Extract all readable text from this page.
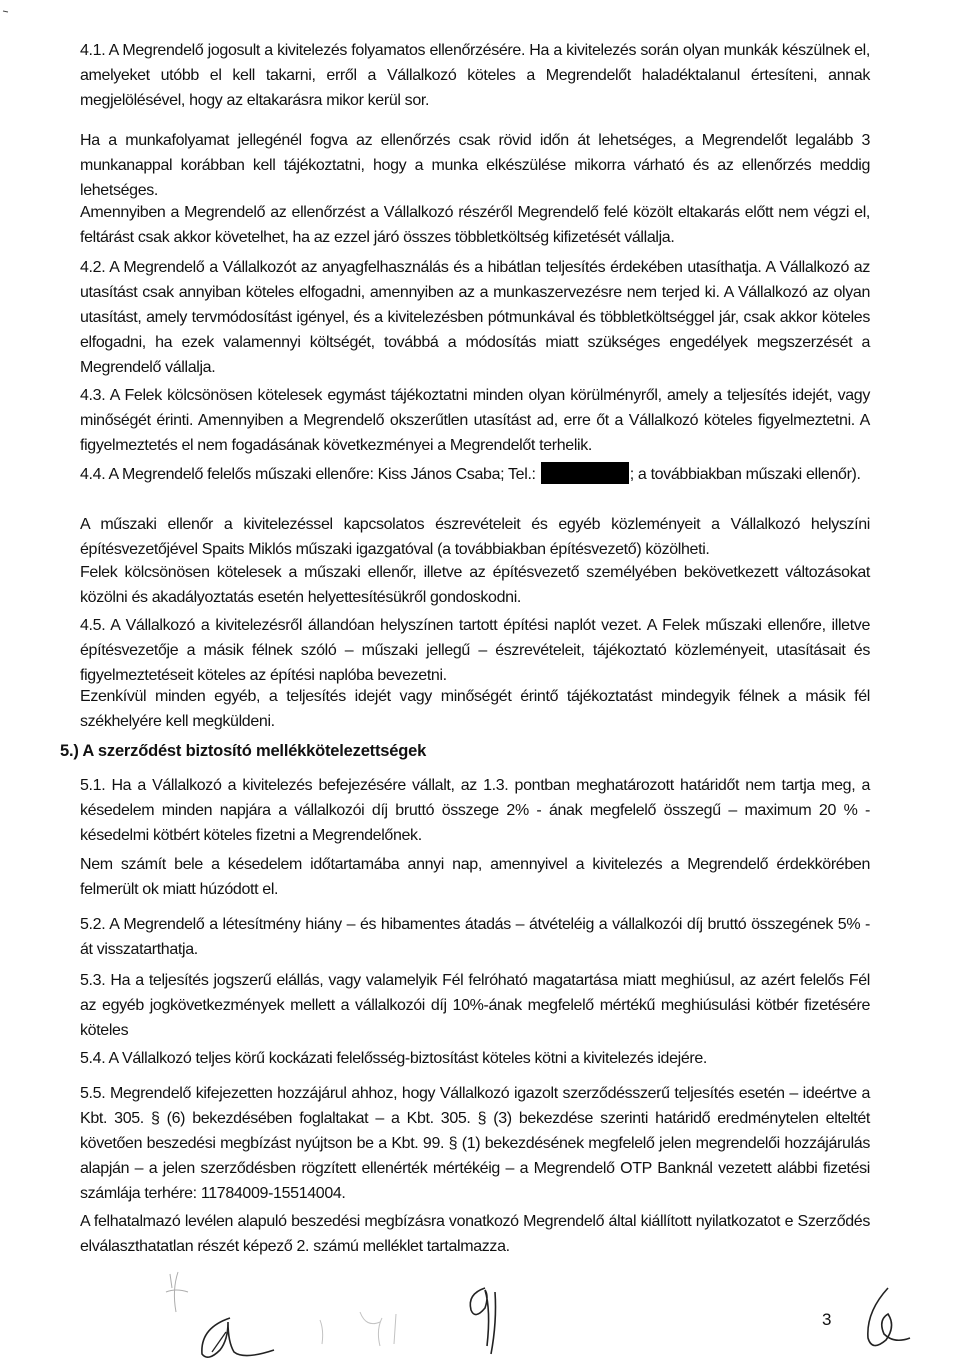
4.1. A Megrendelő jogosult a kivitelezés folyamatos ellenőrzésére. Ha a kivitelezés során olyan munkák készülnek el, amelyeket utóbb el kell takarni, erről a Vállalkozó köteles a Megrendelőt haladéktalanul értesíteni, annak megjelölésével, hogy az eltakarásra mikor kerül sor.

Ha a munkafolyamat jellegénél fogva az ellenőrzés csak rövid időn át lehetséges, a Megrendelőt legalább 3 munkanappal korábban kell tájékoztatni, hogy a munka elkészülése mikorra várható és az ellenőrzés meddig lehetséges.

Amennyiben a Megrendelő az ellenőrzést a Vállalkozó részéről Megrendelő felé közölt eltakarás előtt nem végzi el, feltárást csak akkor követelhet, ha az ezzel járó összes többletköltség kifizetését vállalja.

4.2. A Megrendelő a Vállalkozót az anyagfelhasználás és a hibátlan teljesítés érdekében utasíthatja. A Vállalkozó az utasítást csak annyiban köteles elfogadni, amennyiben az a munkaszervezésre nem terjed ki. A Vállalkozó az olyan utasítást, amely tervmódosítást igényel, és a kivitelezésben pótmunkával és többletköltséggel jár, csak akkor köteles elfogadni, ha ezek valamennyi költségét, továbbá a módosítás miatt szükséges engedélyek megszerzését a Megrendelő vállalja.

4.3. A Felek kölcsönösen kötelesek egymást tájékoztatni minden olyan körülményről, amely a teljesítés idejét, vagy minőségét érinti. Amennyiben a Megrendelő okszerűtlen utasítást ad, erre őt a Vállalkozó köteles figyelmeztetni. A figyelmeztetés el nem fogadásának következményei a Megrendelőt terhelik.

4.4. A Megrendelő felelős műszaki ellenőre: Kiss János Csaba; Tel.:	; a továbbiakban műszaki ellenőr).

A műszaki ellenőr a kivitelezéssel kapcsolatos észrevételeit és egyéb közleményeit a Vállalkozó helyszíni építésvezetőjével Spaits Miklós műszaki igazgatóval (a továbbiakban építésvezető) közölheti.

Felek kölcsönösen kötelesek a műszaki ellenőr, illetve az építésvezető személyében bekövetkezett változásokat közölni és akadályoztatás esetén helyettesítésükről gondoskodni.

4.5. A Vállalkozó a kivitelezésről állandóan helyszínen tartott építési naplót vezet. A Felek műszaki ellenőre, illetve építésvezetője a másik félnek szóló – műszaki jellegű – észrevételeit, tájékoztató közleményeit, utasításait és figyelmeztetéseit köteles az építési naplóba bevezetni.

Ezenkívül minden egyéb, a teljesítés idejét vagy minőségét érintő tájékoztatást mindegyik félnek a másik fél székhelyére kell megküldeni.

5.) A szerződést biztosító mellékkötelezettségek

5.1. Ha a Vállalkozó a kivitelezés befejezésére vállalt, az 1.3. pontban meghatározott határidőt nem tartja meg, a késedelem minden napjára a vállalkozói díj bruttó összege 2% - ának megfelelő összegű – maximum 20 % - késedelmi kötbért köteles fizetni a Megrendelőnek.

Nem számít bele a késedelem időtartamába annyi nap, amennyivel a kivitelezés a Megrendelő érdekkörében felmerült ok miatt húzódott el.

5.2. A Megrendelő a létesítmény hiány – és hibamentes átadás – átvételéig a vállalkozói díj bruttó összegének 5% - át visszatarthatja.

5.3. Ha a teljesítés jogszerű elállás, vagy valamelyik Fél felróható magatartása miatt meghiúsul, az azért felelős Fél az egyéb jogkövetkezmények mellett a vállalkozói díj 10%-ának megfelelő mértékű meghiúsulási kötbér fizetésére köteles

5.4. A Vállalkozó teljes körű kockázati felelősség-biztosítást köteles kötni a kivitelezés idejére.

5.5. Megrendelő kifejezetten hozzájárul ahhoz, hogy Vállalkozó igazolt szerződésszerű teljesítés esetén – ideértve a Kbt. 305. § (6) bekezdésében foglaltakat – a Kbt. 305. § (3) bekezdése szerinti határidő eredménytelen elteltét követően beszedési megbízást nyújtson be a Kbt. 99. § (1) bekezdésének megfelelő jelen megrendelői hozzájárulás alapján – a jelen szerződésben rögzített ellenérték mértékéig – a Megrendelő OTP Banknál vezetett alábbi fizetési számlája terhére: 11784009-15514004.

A felhatalmazó levélen alapuló beszedési megbízásra vonatkozó Megrendelő által kiállított nyilatkozatot e Szerződés elválaszthatatlan részét képező 2. számú melléklet tartalmazza.

3
